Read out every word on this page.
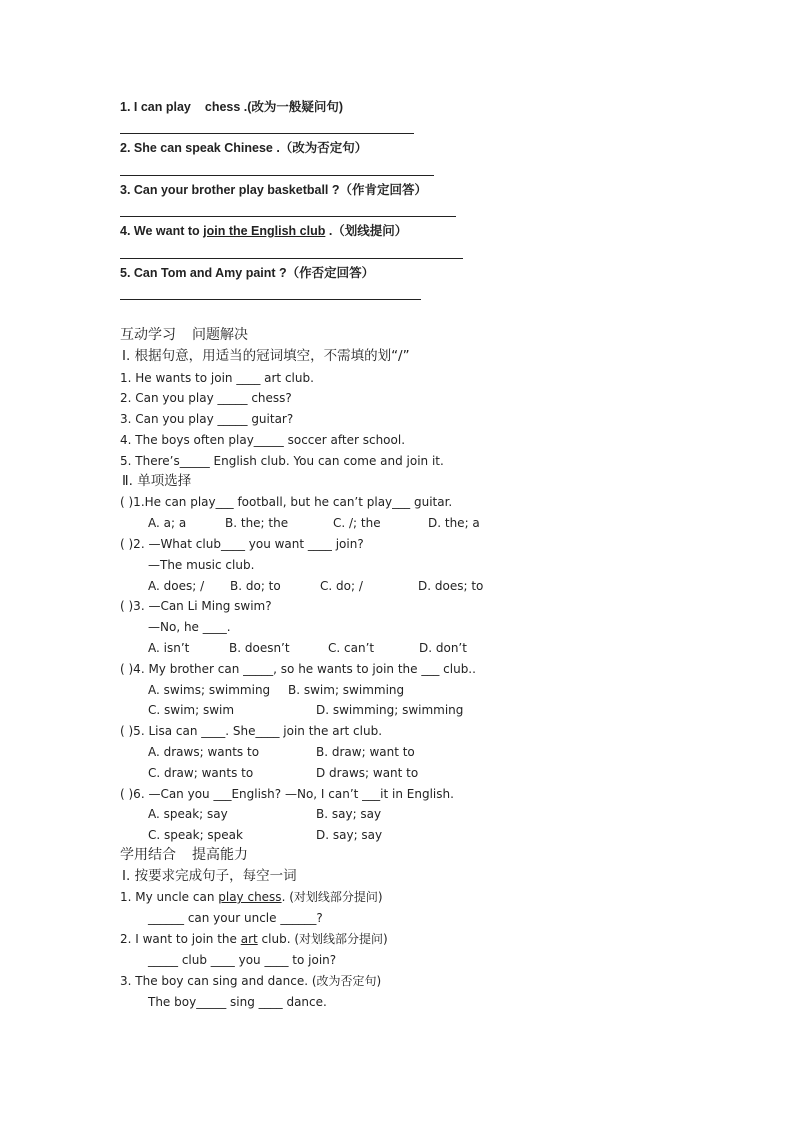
1. I can play chess .(改为一般疑问句)
2. She can speak Chinese .（改为否定句）
3. Can your brother play basketball ?（作肯定回答）
4. We want to join the English club .（划线提问）
5. Can Tom and Amy paint ?（作否定回答）
互动学习 问题解决
Ⅰ. 根据句意，用适当的冠词填空，不需填的划“/”
1. He wants to join ____ art club.
2. Can you play _____ chess?
3. Can you play _____ guitar?
4. The boys often play_____ soccer after school.
5. There’s_____ English club. You can come and join it.
Ⅱ. 单项选择
( )1.He can play___ football, but he can’t play___ guitar.
A. a; a	B. the; the	C. /; the	D. the; a
( )2. —What club____ you want ____ join?
—The music club.
A. does; / B. do; to	C. do; /	D. does; to
( )3. —Can Li Ming swim?
—No, he ____.
A. isn’t	B. doesn’t	C. can’t	D. don’t
( )4. My brother can _____, so he wants to join the ___ club..
A. swims; swimming B. swim; swimming
C. swim; swim	D. swimming; swimming
( )5. Lisa can ____. She____ join the art club.
A. draws; wants to	B. draw; want to
C. draw; wants to	D draws; want to
( )6. —Can you ___English? —No, I can’t ___it in English.
A. speak; say	B. say; say
C. speak; speak	D. say; say
学用结合 提高能力
Ⅰ. 按要求完成句子，每空一词
1. My uncle can play chess. (对划线部分提问)
______ can your uncle ______?
2. I want to join the art club. (对划线部分提问)
_____ club ____ you ____ to join?
3. The boy can sing and dance. (改为否定句)
The boy_____ sing ____ dance.
